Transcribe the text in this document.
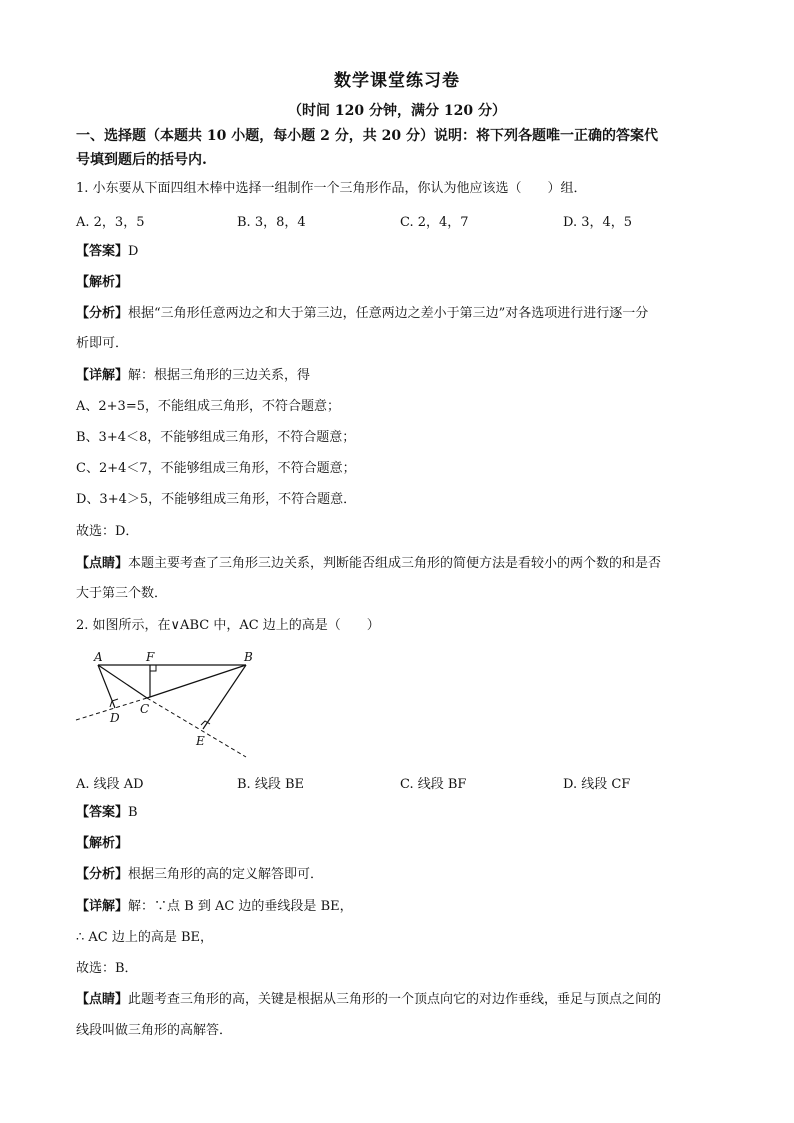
数学课堂练习卷
（时间 120 分钟，满分 120 分）
一、选择题（本题共 10 小题，每小题 2 分，共 20 分）说明：将下列各题唯一正确的答案代
号填到题后的括号内.
1. 小东要从下面四组木棒中选择一组制作一个三角形作品，你认为他应该选（　　）组．
A. 2，3，5	B. 3，8，4	C. 2，4，7	D. 3，4，5
【答案】D
【解析】
【分析】根据“三角形任意两边之和大于第三边，任意两边之差小于第三边”对各选项进行进行逐一分
析即可．
【详解】解：根据三角形的三边关系，得
A、2+3=5，不能组成三角形，不符合题意；
B、3+4＜8，不能够组成三角形，不符合题意；
C、2+4＜7，不能够组成三角形，不符合题意；
D、3+4＞5，不能够组成三角形，不符合题意．
故选：D．
【点睛】本题主要考查了三角形三边关系，判断能否组成三角形的简便方法是看较小的两个数的和是否
大于第三个数．
2. 如图所示，在∨ABC 中，AC 边上的高是（　　）
A	F	B
C
D
E
A. 线段 AD	B. 线段 BE	C. 线段 BF	D. 线段 CF
【答案】B
【解析】
【分析】根据三角形的高的定义解答即可．
【详解】解：∵点 B 到 AC 边的垂线段是 BE，
∴ AC 边上的高是 BE，
故选：B．
【点睛】此题考查三角形的高，关键是根据从三角形的一个顶点向它的对边作垂线，垂足与顶点之间的
线段叫做三角形的高解答．
